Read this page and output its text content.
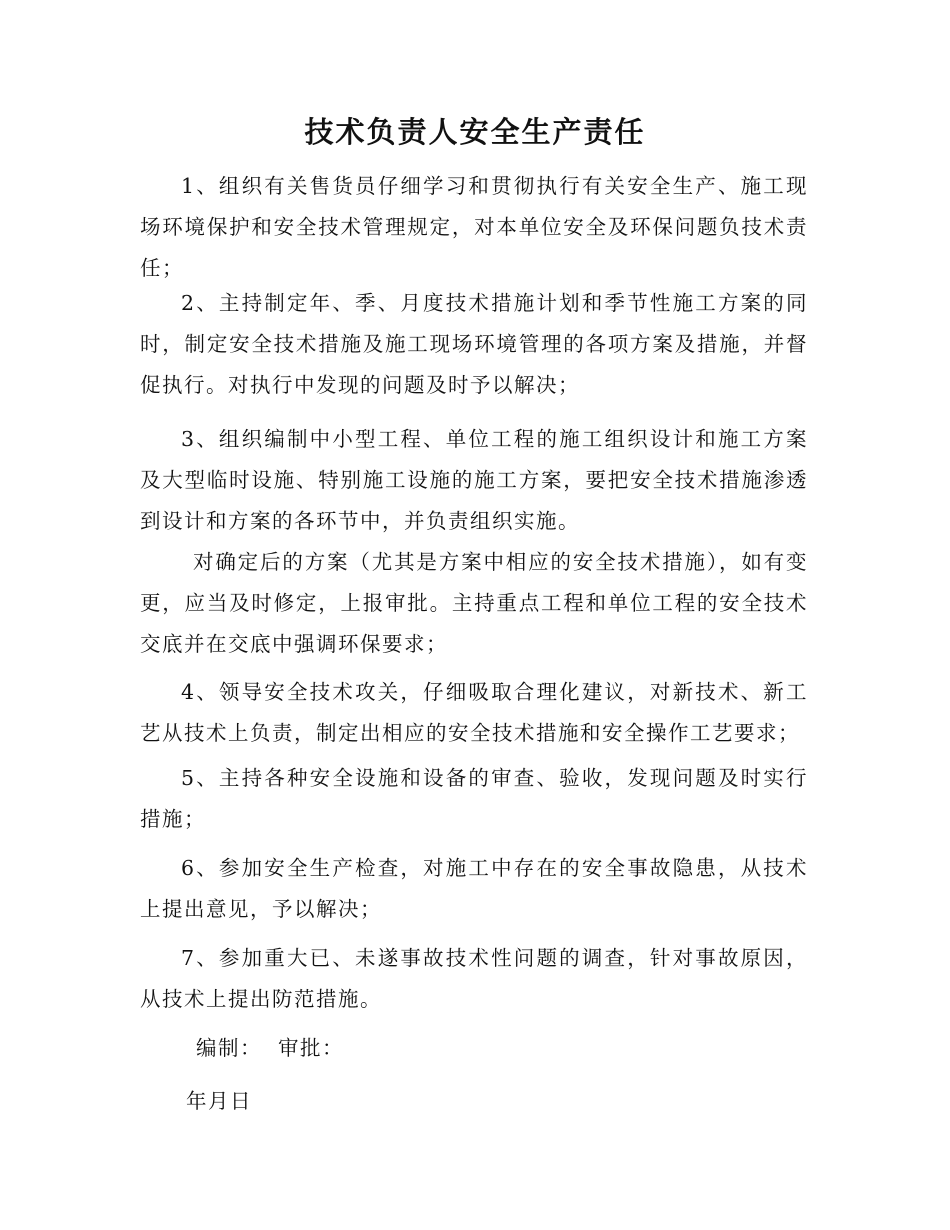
技术负责人安全生产责任

1、组织有关售货员仔细学习和贯彻执行有关安全生产、施工现场环境保护和安全技术管理规定，对本单位安全及环保问题负技术责任；

2、主持制定年、季、月度技术措施计划和季节性施工方案的同时，制定安全技术措施及施工现场环境管理的各项方案及措施，并督促执行。对执行中发现的问题及时予以解决；

3、组织编制中小型工程、单位工程的施工组织设计和施工方案及大型临时设施、特别施工设施的施工方案，要把安全技术措施渗透到设计和方案的各环节中，并负责组织实施。

对确定后的方案（尤其是方案中相应的安全技术措施），如有变更，应当及时修定，上报审批。主持重点工程和单位工程的安全技术交底并在交底中强调环保要求；

4、领导安全技术攻关，仔细吸取合理化建议，对新技术、新工艺从技术上负责，制定出相应的安全技术措施和安全操作工艺要求；

5、主持各种安全设施和设备的审查、验收，发现问题及时实行措施；

6、参加安全生产检查，对施工中存在的安全事故隐患，从技术上提出意见，予以解决；

7、参加重大已、未遂事故技术性问题的调查，针对事故原因，从技术上提出防范措施。

编制：  审批：
年月日
